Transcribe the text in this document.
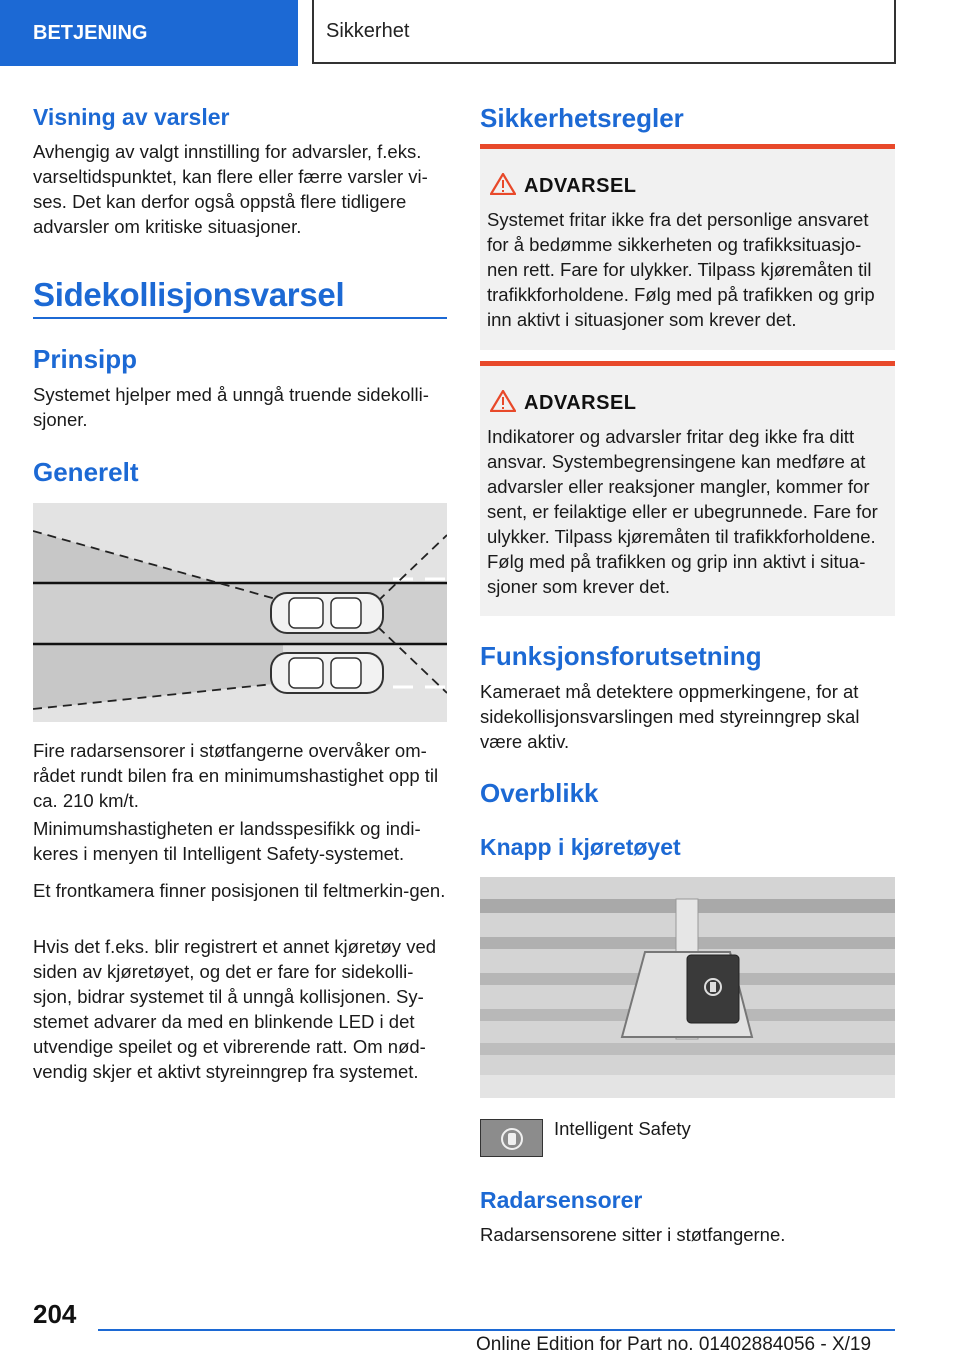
BETJENING	Sikkerhet
Visning av varsler
Avhengig av valgt innstilling for advarsler, f.eks. varseltidspunktet, kan flere eller færre varsler vi-ses. Det kan derfor også oppstå flere tidligere advarsler om kritiske situasjoner.
Sidekollisjonsvarsel
Prinsipp
Systemet hjelper med å unngå truende sidekolli-sjoner.
Generelt
Fire radarsensorer i støtfangerne overvåker om-rådet rundt bilen fra en minimumshastighet opp til ca. 210 km/t.
Minimumshastigheten er landsspesifikk og indi-keres i menyen til Intelligent Safety-systemet.
Et frontkamera finner posisjonen til feltmerkin-gen.
Hvis det f.eks. blir registrert et annet kjøretøy ved siden av kjøretøyet, og det er fare for sidekolli-sjon, bidrar systemet til å unngå kollisjonen. Sy-stemet advarer da med en blinkende LED i det utvendige speilet og et vibrerende ratt. Om nød-vendig skjer et aktivt styreinngrep fra systemet.
Sikkerhetsregler
ADVARSEL
Systemet fritar ikke fra det personlige ansvaret for å bedømme sikkerheten og trafikksituasjo-nen rett. Fare for ulykker. Tilpass kjøremåten til trafikkforholdene. Følg med på trafikken og grip inn aktivt i situasjoner som krever det.
ADVARSEL
Indikatorer og advarsler fritar deg ikke fra ditt ansvar. Systembegrensingene kan medføre at advarsler eller reaksjoner mangler, kommer for sent, er feilaktige eller er ubegrunnede. Fare for ulykker. Tilpass kjøremåten til trafikkforholdene. Følg med på trafikken og grip inn aktivt i situa-sjoner som krever det.
Funksjonsforutsetning
Kameraet må detektere oppmerkingene, for at sidekollisjonsvarslingen med styreinngrep skal være aktiv.
Overblikk
Knapp i kjøretøyet
Intelligent Safety
Radarsensorer
Radarsensorene sitter i støtfangerne.
204
Online Edition for Part no. 01402884056 - X/19
